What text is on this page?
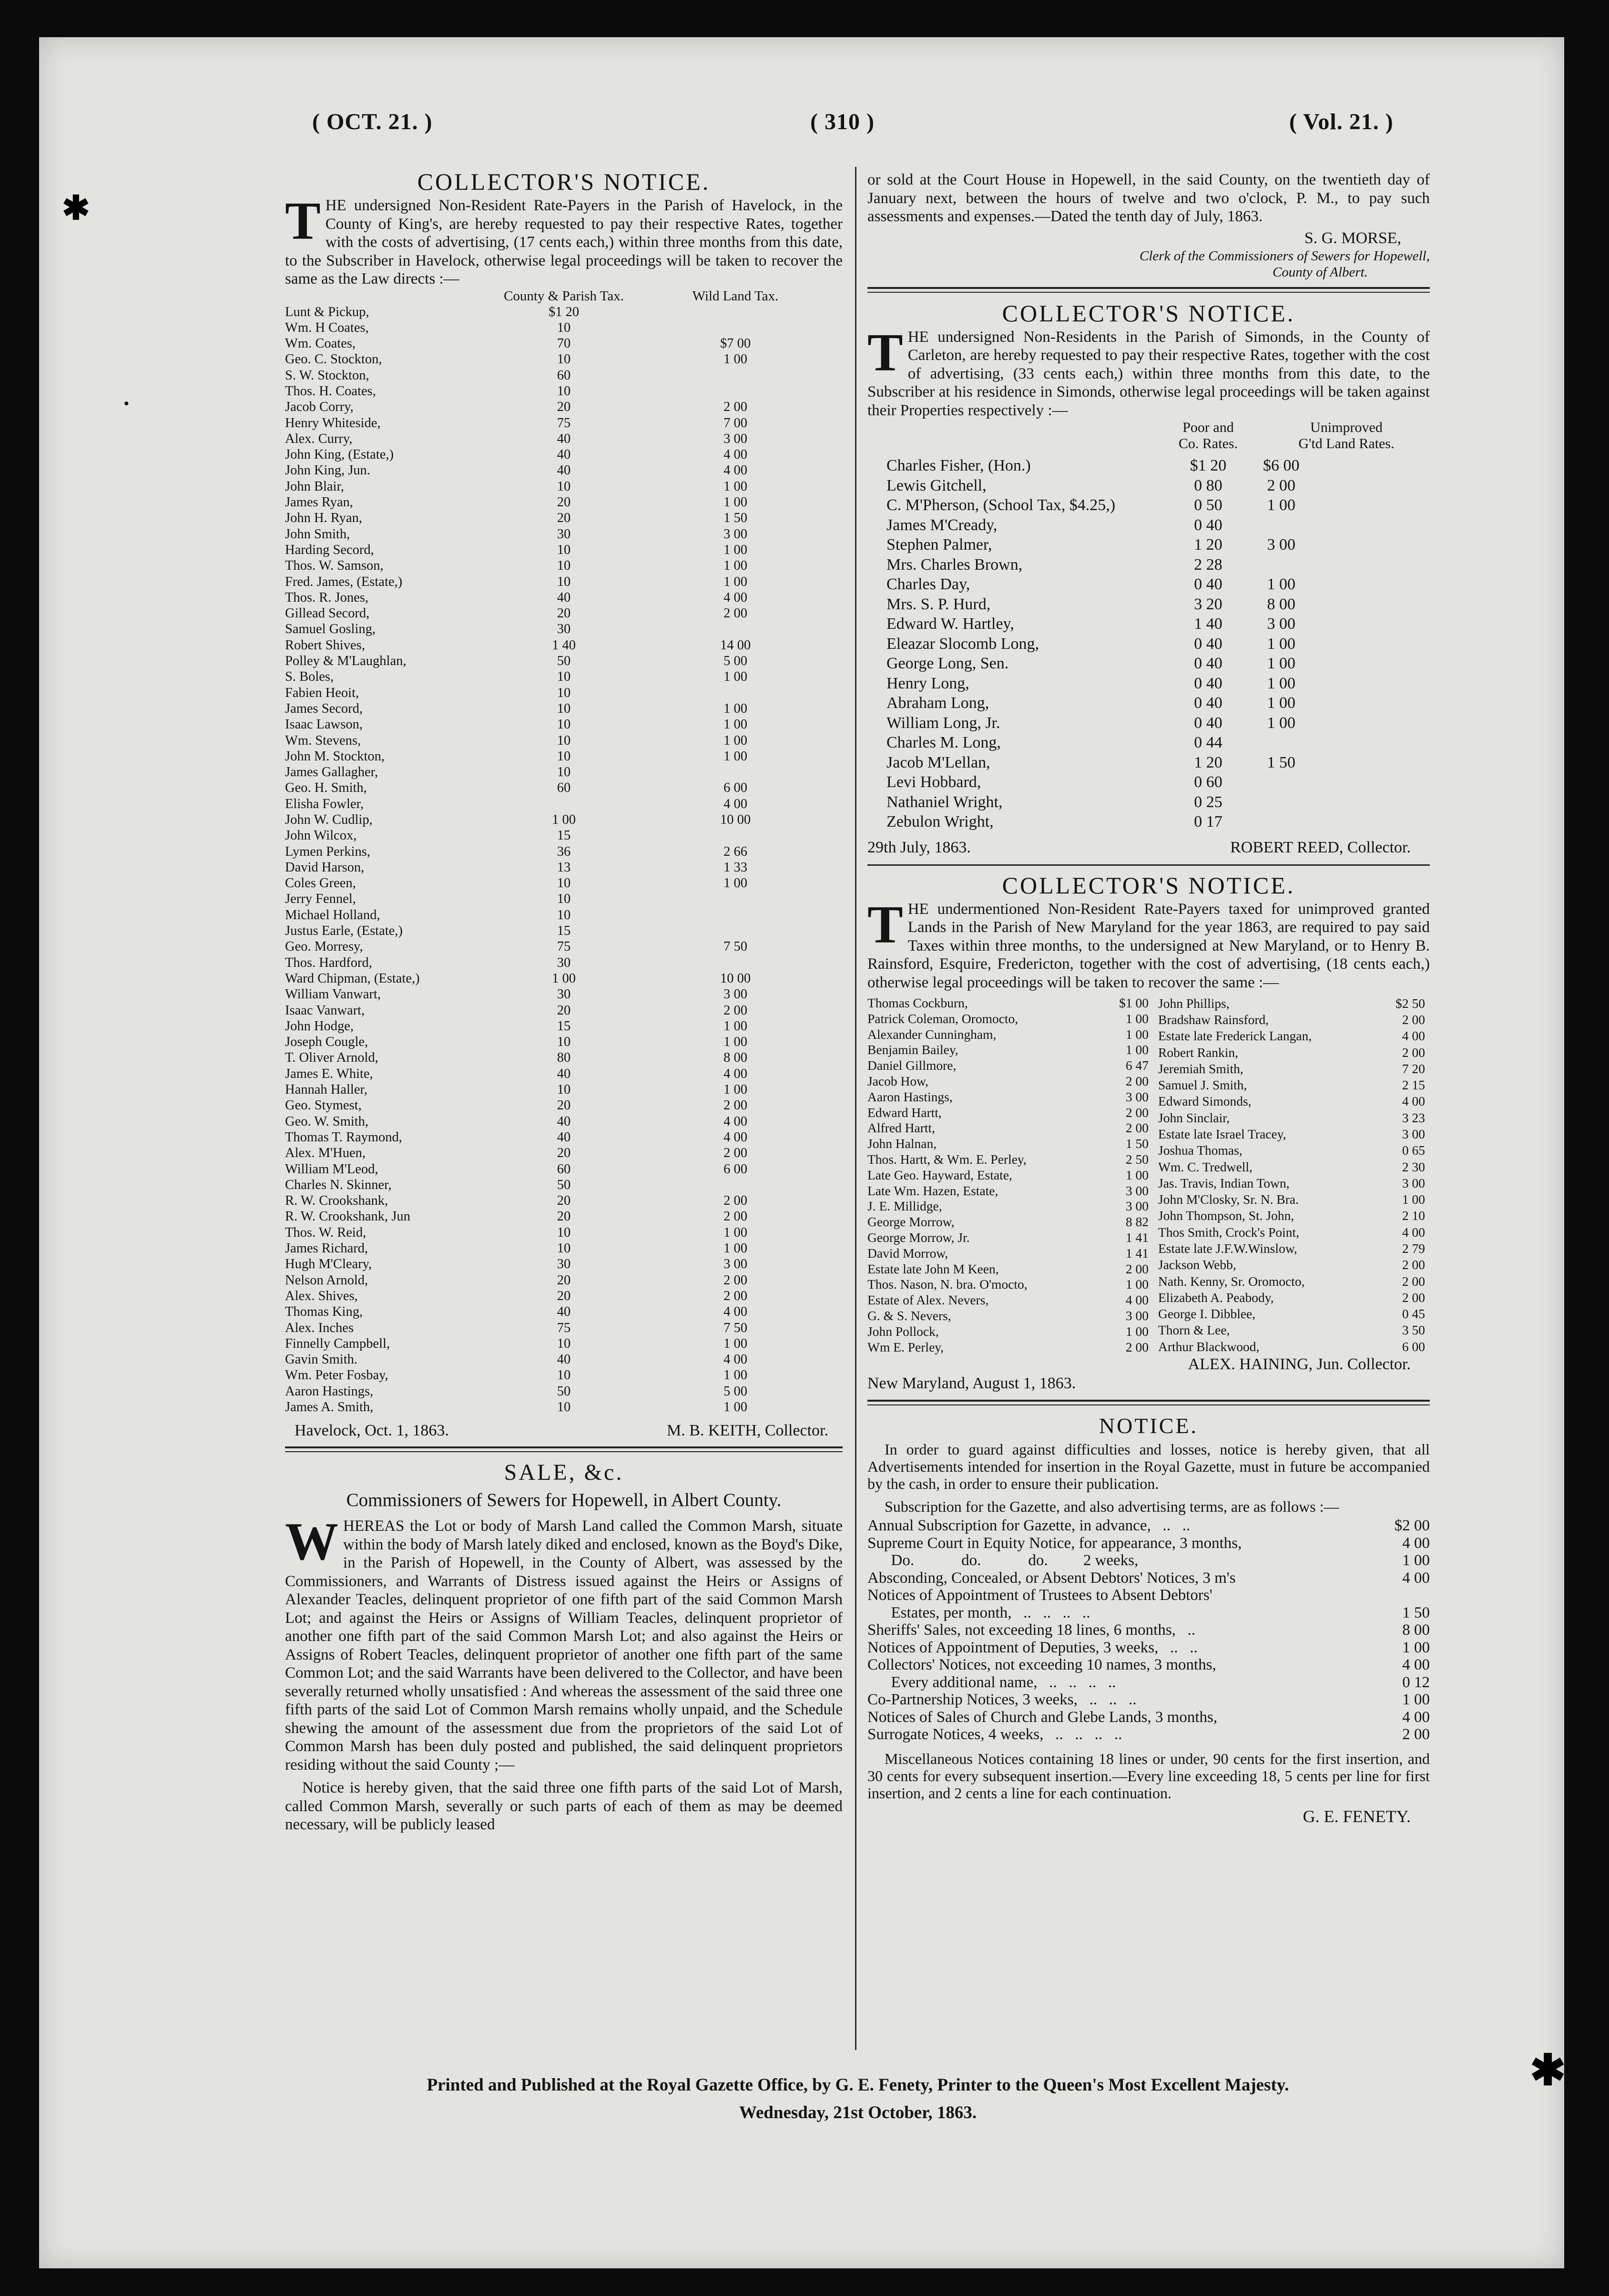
✱
•
✱
( OCT. 21. )	( 310 )	( Vol. 21. )
COLLECTOR'S NOTICE.
THE undersigned Non-Resident Rate-Payers in the Parish of Havelock, in the County of King's, are hereby requested to pay their respective Rates, together with the costs of advertising, (17 cents each,) within three months from this date, to the Subscriber in Havelock, otherwise legal proceedings will be taken to recover the same as the Law directs :—
County & Parish Tax.	Wild Land Tax.
Lunt & Pickup,	$1 20	
Wm. H Coates,	10	
Wm. Coates,	70	$7 00
Geo. C. Stockton,	10	1 00
S. W. Stockton,	60	
Thos. H. Coates,	10	
Jacob Corry,	20	2 00
Henry Whiteside,	75	7 00
Alex. Curry,	40	3 00
John King, (Estate,)	40	4 00
John King, Jun.	40	4 00
John Blair,	10	1 00
James Ryan,	20	1 00
John H. Ryan,	20	1 50
John Smith,	30	3 00
Harding Secord,	10	1 00
Thos. W. Samson,	10	1 00
Fred. James, (Estate,)	10	1 00
Thos. R. Jones,	40	4 00
Gillead Secord,	20	2 00
Samuel Gosling,	30	
Robert Shives,	1 40	14 00
Polley & M'Laughlan,	50	5 00
S. Boles,	10	1 00
Fabien Heoit,	10	
James Secord,	10	1 00
Isaac Lawson,	10	1 00
Wm. Stevens,	10	1 00
John M. Stockton,	10	1 00
James Gallagher,	10	
Geo. H. Smith,	60	6 00
Elisha Fowler,		4 00
John W. Cudlip,	1 00	10 00
John Wilcox,	15	
Lymen Perkins,	36	2 66
David Harson,	13	1 33
Coles Green,	10	1 00
Jerry Fennel,	10	
Michael Holland,	10	
Justus Earle, (Estate,)	15	
Geo. Morresy,	75	7 50
Thos. Hardford,	30	
Ward Chipman, (Estate,)	1 00	10 00
William Vanwart,	30	3 00
Isaac Vanwart,	20	2 00
John Hodge,	15	1 00
Joseph Cougle,	10	1 00
T. Oliver Arnold,	80	8 00
James E. White,	40	4 00
Hannah Haller,	10	1 00
Geo. Stymest,	20	2 00
Geo. W. Smith,	40	4 00
Thomas T. Raymond,	40	4 00
Alex. M'Huen,	20	2 00
William M'Leod,	60	6 00
Charles N. Skinner,	50	
R. W. Crookshank,	20	2 00
R. W. Crookshank, Jun	20	2 00
Thos. W. Reid,	10	1 00
James Richard,	10	1 00
Hugh M'Cleary,	30	3 00
Nelson Arnold,	20	2 00
Alex. Shives,	20	2 00
Thomas King,	40	4 00
Alex. Inches	75	7 50
Finnelly Campbell,	10	1 00
Gavin Smith.	40	4 00
Wm. Peter Fosbay,	10	1 00
Aaron Hastings,	50	5 00
James A. Smith,	10	1 00
Havelock, Oct. 1, 1863.	M. B. KEITH, Collector.
SALE, &c.
Commissioners of Sewers for Hopewell, in Albert County.
WHEREAS the Lot or body of Marsh Land called the Common Marsh, situate within the body of Marsh lately diked and enclosed, known as the Boyd's Dike, in the Parish of Hopewell, in the County of Albert, was assessed by the Commissioners, and Warrants of Distress issued against the Heirs or Assigns of Alexander Teacles, delinquent proprietor of one fifth part of the said Common Marsh Lot; and against the Heirs or Assigns of William Teacles, delinquent proprietor of another one fifth part of the said Common Marsh Lot; and also against the Heirs or Assigns of Robert Teacles, delinquent proprietor of another one fifth part of the same Common Lot; and the said Warrants have been delivered to the Collector, and have been severally returned wholly unsatisfied : And whereas the assessment of the said three one fifth parts of the said Lot of Common Marsh remains wholly unpaid, and the Schedule shewing the amount of the assessment due from the proprietors of the said Lot of Common Marsh has been duly posted and published, the said delinquent proprietors residing without the said County ;—
Notice is hereby given, that the said three one fifth parts of the said Lot of Marsh, called Common Marsh, severally or such parts of each of them as may be deemed necessary, will be publicly leased
or sold at the Court House in Hopewell, in the said County, on the twentieth day of January next, between the hours of twelve and two o'clock, P. M., to pay such assessments and expenses.—Dated the tenth day of July, 1863.
S. G. MORSE,
Clerk of the Commissioners of Sewers for Hopewell,
County of Albert.
COLLECTOR'S NOTICE.
THE undersigned Non-Residents in the Parish of Simonds, in the County of Carleton, are hereby requested to pay their respective Rates, together with the cost of advertising, (33 cents each,) within three months from this date, to the Subscriber at his residence in Simonds, otherwise legal proceedings will be taken against their Properties respectively :—
Poor and
Co. Rates.
Unimproved
G'td Land Rates.
Charles Fisher, (Hon.)	$1 20	$6 00
Lewis Gitchell,	0 80	2 00
C. M'Pherson, (School Tax, $4.25,)	0 50	1 00
James M'Cready,	0 40	
Stephen Palmer,	1 20	3 00
Mrs. Charles Brown,	2 28	
Charles Day,	0 40	1 00
Mrs. S. P. Hurd,	3 20	8 00
Edward W. Hartley,	1 40	3 00
Eleazar Slocomb Long,	0 40	1 00
George Long, Sen.	0 40	1 00
Henry Long,	0 40	1 00
Abraham Long,	0 40	1 00
William Long, Jr.	0 40	1 00
Charles M. Long,	0 44	
Jacob M'Lellan,	1 20	1 50
Levi Hobbard,	0 60	
Nathaniel Wright,	0 25	
Zebulon Wright,	0 17	
29th July, 1863.	ROBERT REED, Collector.
COLLECTOR'S NOTICE.
THE undermentioned Non-Resident Rate-Payers taxed for unimproved granted Lands in the Parish of New Maryland for the year 1863, are required to pay said Taxes within three months, to the undersigned at New Maryland, or to Henry B. Rainsford, Esquire, Fredericton, together with the cost of advertising, (18 cents each,) otherwise legal proceedings will be taken to recover the same :—
Thomas Cockburn,	$1 00
Patrick Coleman, Oromocto,	1 00
Alexander Cunningham,	1 00
Benjamin Bailey,	1 00
Daniel Gillmore,	6 47
Jacob How,	2 00
Aaron Hastings,	3 00
Edward Hartt,	2 00
Alfred Hartt,	2 00
John Halnan,	1 50
Thos. Hartt, & Wm. E. Perley,	2 50
Late Geo. Hayward, Estate,	1 00
Late Wm. Hazen, Estate,	3 00
J. E. Millidge,	3 00
George Morrow,	8 82
George Morrow, Jr.	1 41
David Morrow,	1 41
Estate late John M Keen,	2 00
Thos. Nason, N. bra. O'mocto,	1 00
Estate of Alex. Nevers,	4 00
G. & S. Nevers,	3 00
John Pollock,	1 00
Wm E. Perley,	2 00
John Phillips,	$2 50
Bradshaw Rainsford,	2 00
Estate late Frederick Langan,	4 00
Robert Rankin,	2 00
Jeremiah Smith,	7 20
Samuel J. Smith,	2 15
Edward Simonds,	4 00
John Sinclair,	3 23
Estate late Israel Tracey,	3 00
Joshua Thomas,	0 65
Wm. C. Tredwell,	2 30
Jas. Travis, Indian Town,	3 00
John M'Closky, Sr. N. Bra.	1 00
John Thompson, St. John,	2 10
Thos Smith, Crock's Point,	4 00
Estate late J.F.W.Winslow,	2 79
Jackson Webb,	2 00
Nath. Kenny, Sr. Oromocto,	2 00
Elizabeth A. Peabody,	2 00
George I. Dibblee,	0 45
Thorn & Lee,	3 50
Arthur Blackwood,	6 00
ALEX. HAINING, Jun. Collector.
New Maryland, August 1, 1863.
NOTICE.
In order to guard against difficulties and losses, notice is hereby given, that all Advertisements intended for insertion in the Royal Gazette, must in future be accompanied by the cash, in order to ensure their publication.
Subscription for the Gazette, and also advertising terms, are as follows :—
Annual Subscription for Gazette, in advance,   ..   ..	$2 00
Supreme Court in Equity Notice, for appearance, 3 months,	4 00
Do.            do.            do.         2 weeks,	1 00
Absconding, Concealed, or Absent Debtors' Notices, 3 m's	4 00
Notices of Appointment of Trustees to Absent Debtors'	
Estates, per month,   ..   ..   ..   ..	1 50
Sheriffs' Sales, not exceeding 18 lines, 6 months,   ..	8 00
Notices of Appointment of Deputies, 3 weeks,   ..   ..	1 00
Collectors' Notices, not exceeding 10 names, 3 months,	4 00
Every additional name,   ..   ..   ..   ..	0 12
Co-Partnership Notices, 3 weeks,   ..   ..   ..	1 00
Notices of Sales of Church and Glebe Lands, 3 months,	4 00
Surrogate Notices, 4 weeks,   ..   ..   ..   ..	2 00
Miscellaneous Notices containing 18 lines or under, 90 cents for the first insertion, and 30 cents for every subsequent insertion.—Every line exceeding 18, 5 cents per line for first insertion, and 2 cents a line for each continuation.
G. E. FENETY.
Printed and Published at the Royal Gazette Office, by G. E. Fenety, Printer to the Queen's Most Excellent Majesty.
Wednesday, 21st October, 1863.
